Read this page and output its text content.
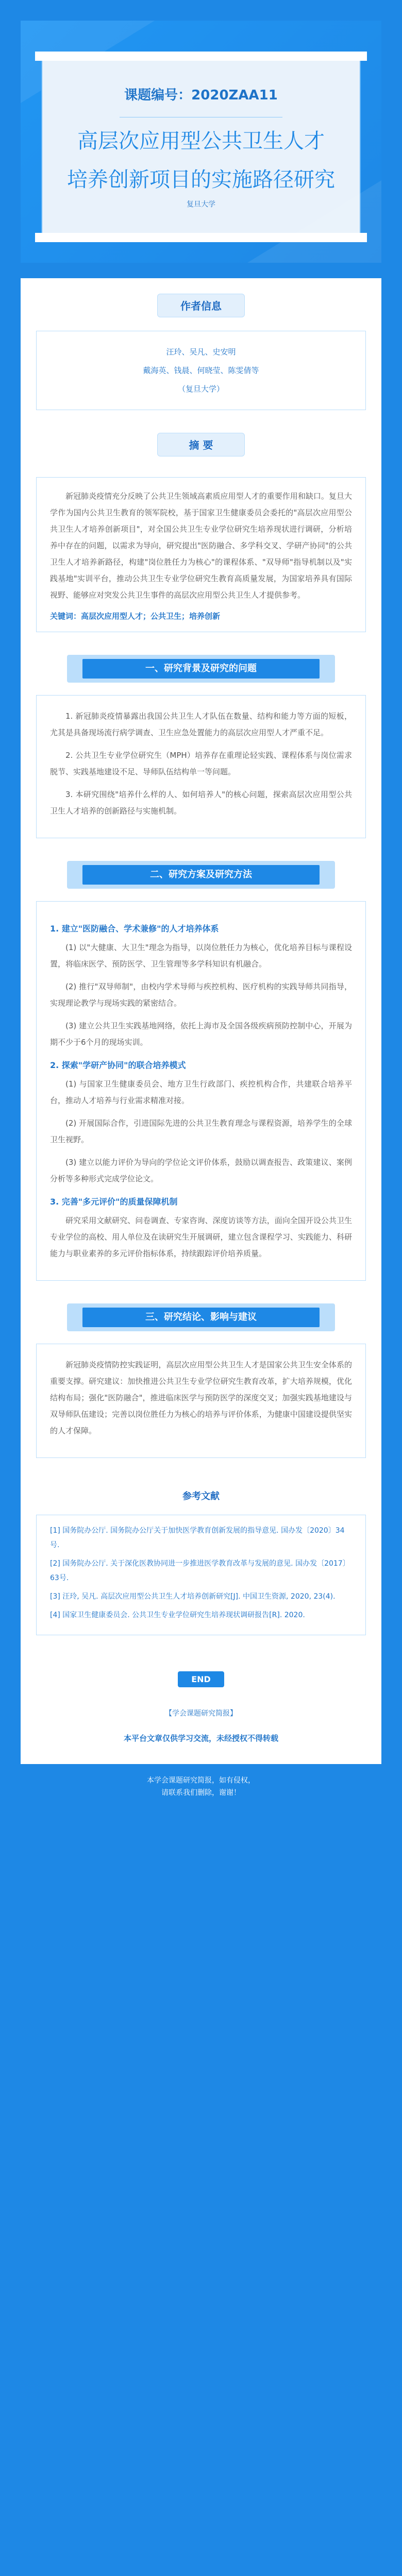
课题编号：2020ZAA11
高层次应用型公共卫生人才
培养创新项目的实施路径研究
复旦大学
作者信息

汪玲、吴凡、史安明

戴海英、钱晨、何晓莹、陈雯倩等

（复旦大学）

摘 要

新冠肺炎疫情充分反映了公共卫生领域高素质应用型人才的重要作用和缺口。复旦大学作为国内公共卫生教育的领军院校，基于国家卫生健康委员会委托的"高层次应用型公共卫生人才培养创新项目"，对全国公共卫生专业学位研究生培养现状进行调研，分析培养中存在的问题，以需求为导向，研究提出"医防融合、多学科交叉、学研产协同"的公共卫生人才培养新路径，构建"岗位胜任力为核心"的课程体系、"双导师"指导机制以及"实践基地"实训平台，推动公共卫生专业学位研究生教育高质量发展，为国家培养具有国际视野、能够应对突发公共卫生事件的高层次应用型公共卫生人才提供参考。

关键词：高层次应用型人才；公共卫生；培养创新

一、研究背景及研究的问题

1. 新冠肺炎疫情暴露出我国公共卫生人才队伍在数量、结构和能力等方面的短板，尤其是具备现场流行病学调查、卫生应急处置能力的高层次应用型人才严重不足。

2. 公共卫生专业学位研究生（MPH）培养存在重理论轻实践、课程体系与岗位需求脱节、实践基地建设不足、导师队伍结构单一等问题。

3. 本研究围绕"培养什么样的人、如何培养人"的核心问题，探索高层次应用型公共卫生人才培养的创新路径与实施机制。

二、研究方案及研究方法
1. 建立"医防融合、学术兼修"的人才培养体系

(1) 以"大健康、大卫生"理念为指导，以岗位胜任力为核心，优化培养目标与课程设置，将临床医学、预防医学、卫生管理等多学科知识有机融合。

(2) 推行"双导师制"，由校内学术导师与疾控机构、医疗机构的实践导师共同指导，实现理论教学与现场实践的紧密结合。

(3) 建立公共卫生实践基地网络，依托上海市及全国各级疾病预防控制中心，开展为期不少于6个月的现场实训。

2. 探索"学研产协同"的联合培养模式

(1) 与国家卫生健康委员会、地方卫生行政部门、疾控机构合作，共建联合培养平台，推动人才培养与行业需求精准对接。

(2) 开展国际合作，引进国际先进的公共卫生教育理念与课程资源，培养学生的全球卫生视野。

(3) 建立以能力评价为导向的学位论文评价体系，鼓励以调查报告、政策建议、案例分析等多种形式完成学位论文。

3. 完善"多元评价"的质量保障机制

研究采用文献研究、问卷调查、专家咨询、深度访谈等方法，面向全国开设公共卫生专业学位的高校、用人单位及在读研究生开展调研，建立包含课程学习、实践能力、科研能力与职业素养的多元评价指标体系，持续跟踪评价培养质量。

三、研究结论、影响与建议

新冠肺炎疫情防控实践证明，高层次应用型公共卫生人才是国家公共卫生安全体系的重要支撑。研究建议：加快推进公共卫生专业学位研究生教育改革，扩大培养规模，优化结构布局；强化"医防融合"，推进临床医学与预防医学的深度交叉；加强实践基地建设与双导师队伍建设；完善以岗位胜任力为核心的培养与评价体系，为健康中国建设提供坚实的人才保障。

参考文献

[1] 国务院办公厅. 国务院办公厅关于加快医学教育创新发展的指导意见. 国办发〔2020〕34号.

[2] 国务院办公厅. 关于深化医教协同进一步推进医学教育改革与发展的意见. 国办发〔2017〕63号.

[3] 汪玲, 吴凡. 高层次应用型公共卫生人才培养创新研究[J]. 中国卫生资源, 2020, 23(4).

[4] 国家卫生健康委员会. 公共卫生专业学位研究生培养现状调研报告[R]. 2020.

END
【学会课题研究简报】
本平台文章仅供学习交流，未经授权不得转载
本学会课题研究简报，如有侵权，
请联系我们删除，谢谢！
